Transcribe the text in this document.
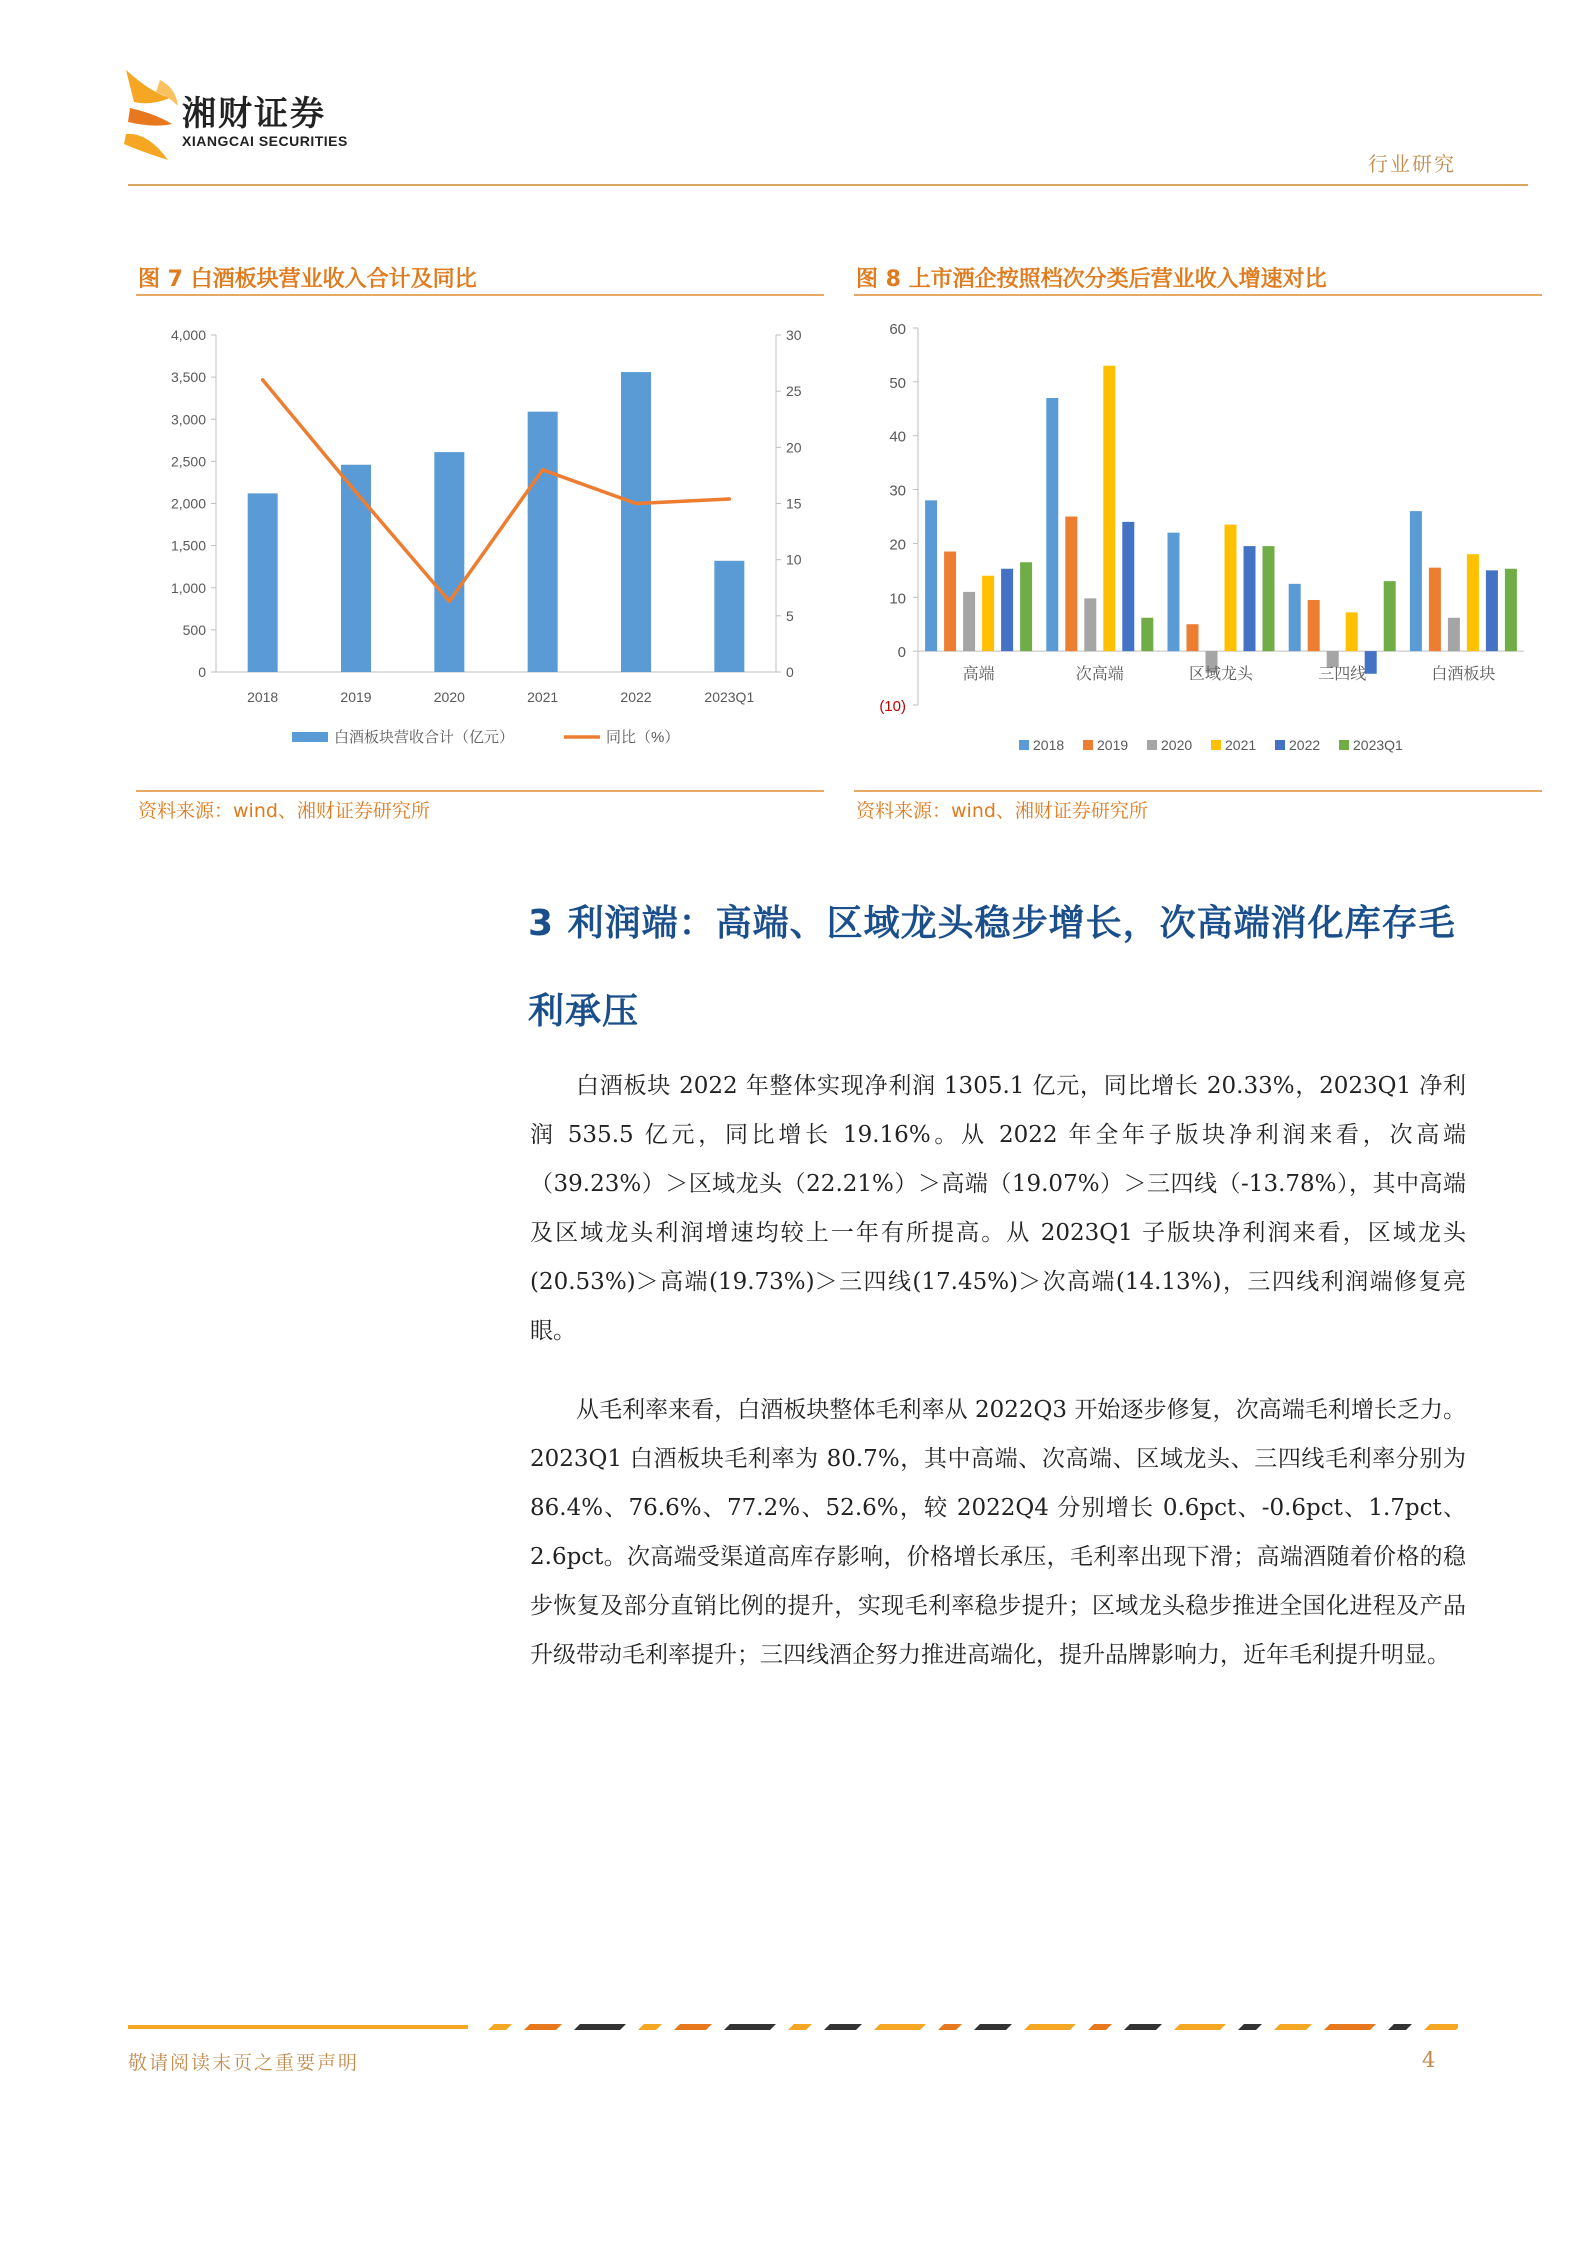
湘财证券
XIANGCAI SECURITIES
行业研究
图 7 白酒板块营业收入合计及同比
0
500
1,000
1,500
2,000
2,500
3,000
3,500
4,000
0
5
10
15
20
25
30
2018	2019	2020	2021	2022	2023Q1
白酒板块营收合计（亿元）	同比（%）
资料来源：wind、湘财证券研究所
图 8 上市酒企按照档次分类后营业收入增速对比
(10)
0
10
20
30
40
50
60
高端	次高端	区域龙头	三四线	白酒板块
2018 2019 2020 2021 2022 2023Q1
资料来源：wind、湘财证券研究所
3 利润端：高端、区域龙头稳步增长，次高端消化库存毛利承压
白酒板块 2022 年整体实现净利润 1305.1 亿元，同比增长 20.33%，2023Q1 净利润 535.5 亿元，同比增长 19.16%。从 2022 年全年子版块净利润来看，次高端（39.23%）＞区域龙头（22.21%）＞高端（19.07%）＞三四线（-13.78%），其中高端及区域龙头利润增速均较上一年有所提高。从 2023Q1 子版块净利润来看，区域龙头(20.53%)＞高端(19.73%)＞三四线(17.45%)＞次高端(14.13%)，三四线利润端修复亮眼。
从毛利率来看，白酒板块整体毛利率从 2022Q3 开始逐步修复，次高端毛利增长乏力。2023Q1 白酒板块毛利率为 80.7%，其中高端、次高端、区域龙头、三四线毛利率分别为 86.4%、76.6%、77.2%、52.6%，较 2022Q4 分别增长 0.6pct、-0.6pct、1.7pct、2.6pct。次高端受渠道高库存影响，价格增长承压，毛利率出现下滑；高端酒随着价格的稳步恢复及部分直销比例的提升，实现毛利率稳步提升；区域龙头稳步推进全国化进程及产品升级带动毛利率提升；三四线酒企努力推进高端化，提升品牌影响力，近年毛利提升明显。
敬请阅读末页之重要声明	4
